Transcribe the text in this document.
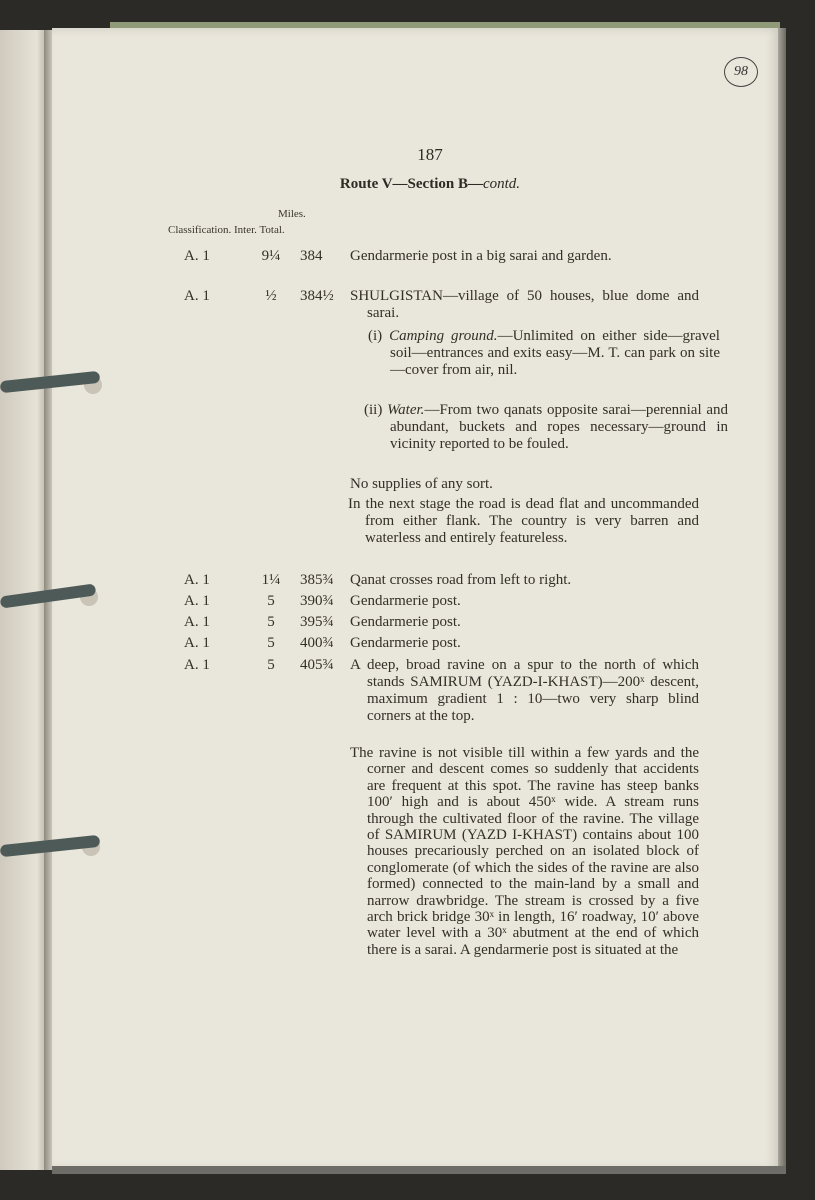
98
187
Route V—Section B—contd.
Miles.
Classification. Inter. Total.
A. 1	9¼	384 Gendarmerie post in a big sarai and garden.
A. 1	½	384½ SHULGISTAN—village of 50 houses, blue dome and sarai.
(i) Camping ground.—Unlimited on either side—gravel soil—entrances and exits easy—M. T. can park on site—cover from air, nil.
(ii) Water.—From two qanats opposite sarai—perennial and abundant, buckets and ropes necessary—ground in vicinity reported to be fouled.
No supplies of any sort.
In the next stage the road is dead flat and uncommanded from either flank. The country is very barren and waterless and entirely featureless.
A. 1	1¼	385¾ Qanat crosses road from left to right.
A. 1	5	390¾ Gendarmerie post.
A. 1	5	395¾ Gendarmerie post.
A. 1	5	400¾ Gendarmerie post.
A. 1	5	405¾ A deep, broad ravine on a spur to the north of which stands SAMIRUM (YAZD-I-KHAST)—200ˣ descent, maximum gradient 1 : 10—two very sharp blind corners at the top.
The ravine is not visible till within a few yards and the corner and descent comes so suddenly that accidents are frequent at this spot. The ravine has steep banks 100′ high and is about 450ˣ wide. A stream runs through the cultivated floor of the ravine. The village of SAMIRUM (YAZD I-KHAST) contains about 100 houses precariously perched on an isolated block of conglomerate (of which the sides of the ravine are also formed) connected to the main-land by a small and narrow drawbridge. The stream is crossed by a five arch brick bridge 30ˣ in length, 16′ roadway, 10′ above water level with a 30ˣ abutment at the end of which there is a sarai. A gendarmerie post is situated at the
